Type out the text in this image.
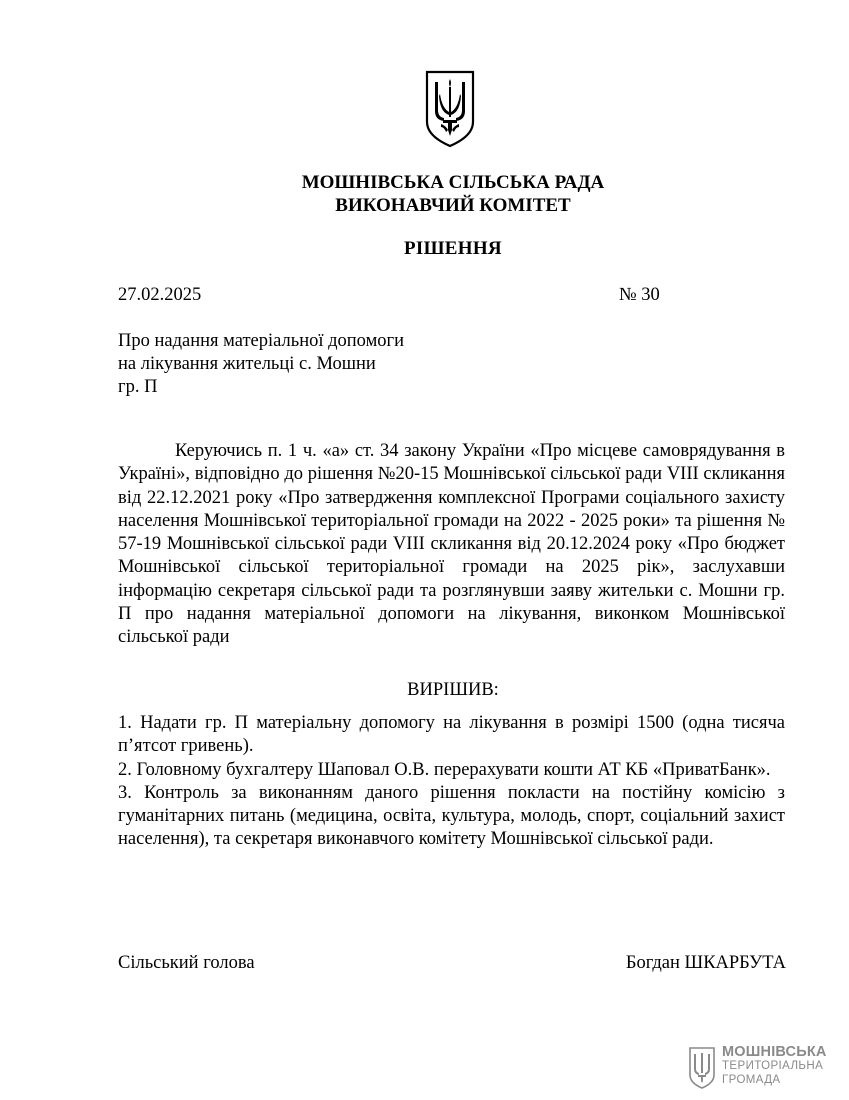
МОШНІВСЬКА СІЛЬСЬКА РАДА
ВИКОНАВЧИЙ КОМІТЕТ
РІШЕННЯ
27.02.2025	№ 30
Про надання матеріальної допомоги
на лікування жительці с. Мошни
гр. П
Керуючись п. 1 ч. «а» ст. 34 закону України «Про місцеве самоврядування в Україні», відповідно до рішення №20-15 Мошнівської сільської ради VIII скликання від 22.12.2021 року «Про затвердження комплексної Програми соціального захисту населення Мошнівської територіальної громади на 2022 - 2025 роки» та рішення № 57-19 Мошнівської сільської ради VIII скликання від 20.12.2024 року «Про бюджет Мошнівської сільської територіальної громади на 2025 рік», заслухавши інформацію секретаря сільської ради та розглянувши заяву жительки с. Мошни гр. П про надання матеріальної допомоги на лікування, виконком Мошнівської сільської ради
ВИРІШИВ:
1. Надати гр. П матеріальну допомогу на лікування в розмірі 1500 (одна тисяча п’ятсот гривень).
2. Головному бухгалтеру Шаповал О.В. перерахувати кошти АТ КБ «ПриватБанк».
3. Контроль за виконанням даного рішення покласти на постійну комісію з гуманітарних питань (медицина, освіта, культура, молодь, спорт, соціальний захист населення), та секретаря виконавчого комітету Мошнівської сільської ради.
Сільський голова	Богдан ШКАРБУТА
МОШНІВСЬКА
ТЕРИТОРІАЛЬНА
ГРОМАДА
